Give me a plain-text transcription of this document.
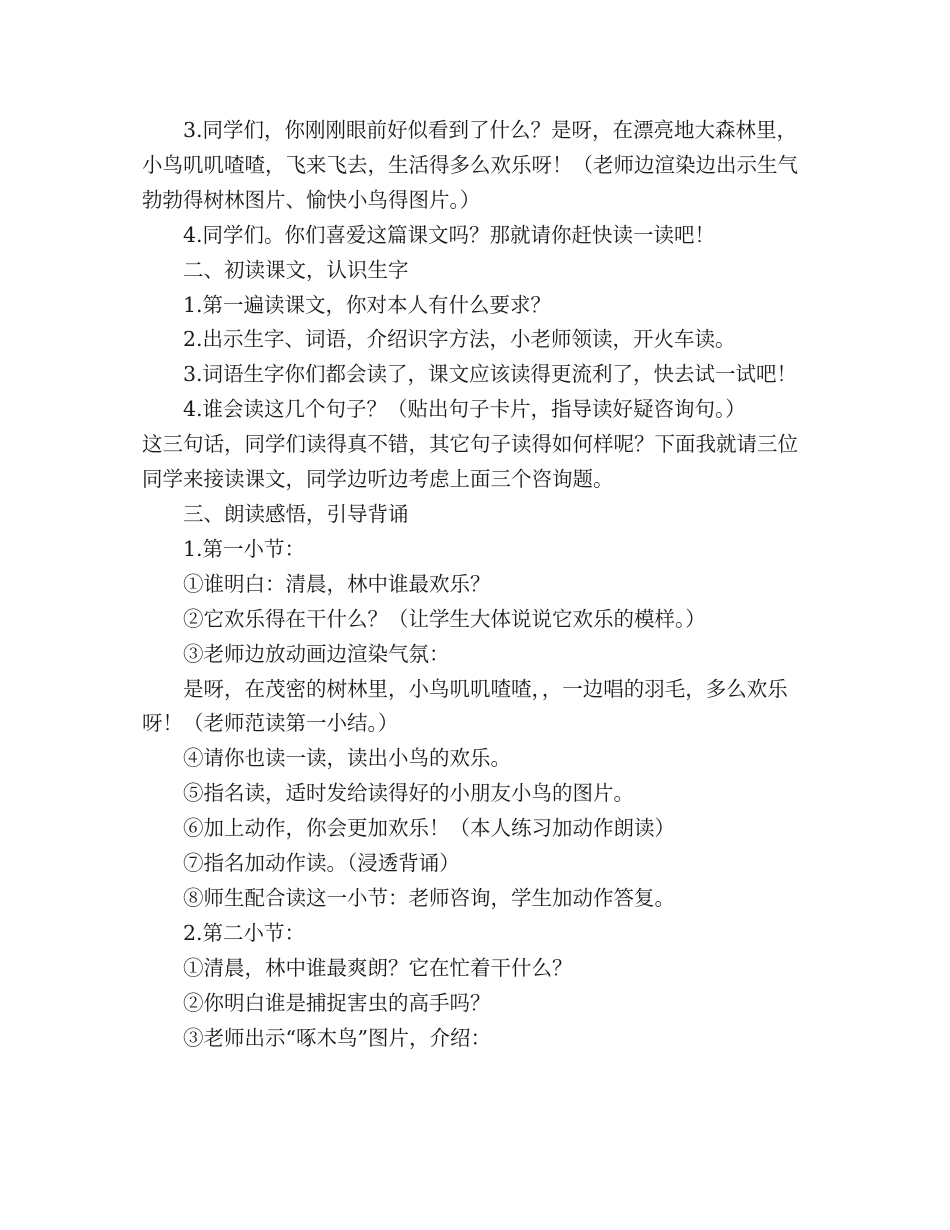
3.同学们，你刚刚眼前好似看到了什么？是呀，在漂亮地大森林里，小鸟叽叽喳喳，飞来飞去，生活得多么欢乐呀！（老师边渲染边出示生气勃勃得树林图片、愉快小鸟得图片。）

4.同学们。你们喜爱这篇课文吗？那就请你赶快读一读吧！

二、初读课文，认识生字

1.第一遍读课文，你对本人有什么要求？

2.出示生字、词语，介绍识字方法，小老师领读，开火车读。

3.词语生字你们都会读了，课文应该读得更流利了，快去试一试吧！

4.谁会读这几个句子？（贴出句子卡片，指导读好疑咨询句。）

这三句话，同学们读得真不错，其它句子读得如何样呢？下面我就请三位同学来接读课文，同学边听边考虑上面三个咨询题。

三、朗读感悟，引导背诵

1.第一小节：

①谁明白：清晨，林中谁最欢乐？

②它欢乐得在干什么？（让学生大体说说它欢乐的模样。）

③老师边放动画边渲染气氛：

是呀，在茂密的树林里，小鸟叽叽喳喳，，一边唱的羽毛，多么欢乐呀！（老师范读第一小结。）

④请你也读一读，读出小鸟的欢乐。

⑤指名读，适时发给读得好的小朋友小鸟的图片。

⑥加上动作，你会更加欢乐！（本人练习加动作朗读）

⑦指名加动作读。（浸透背诵）

⑧师生配合读这一小节：老师咨询，学生加动作答复。

2.第二小节：

①清晨，林中谁最爽朗？它在忙着干什么？

②你明白谁是捕捉害虫的高手吗？

③老师出示“啄木鸟”图片，介绍：
